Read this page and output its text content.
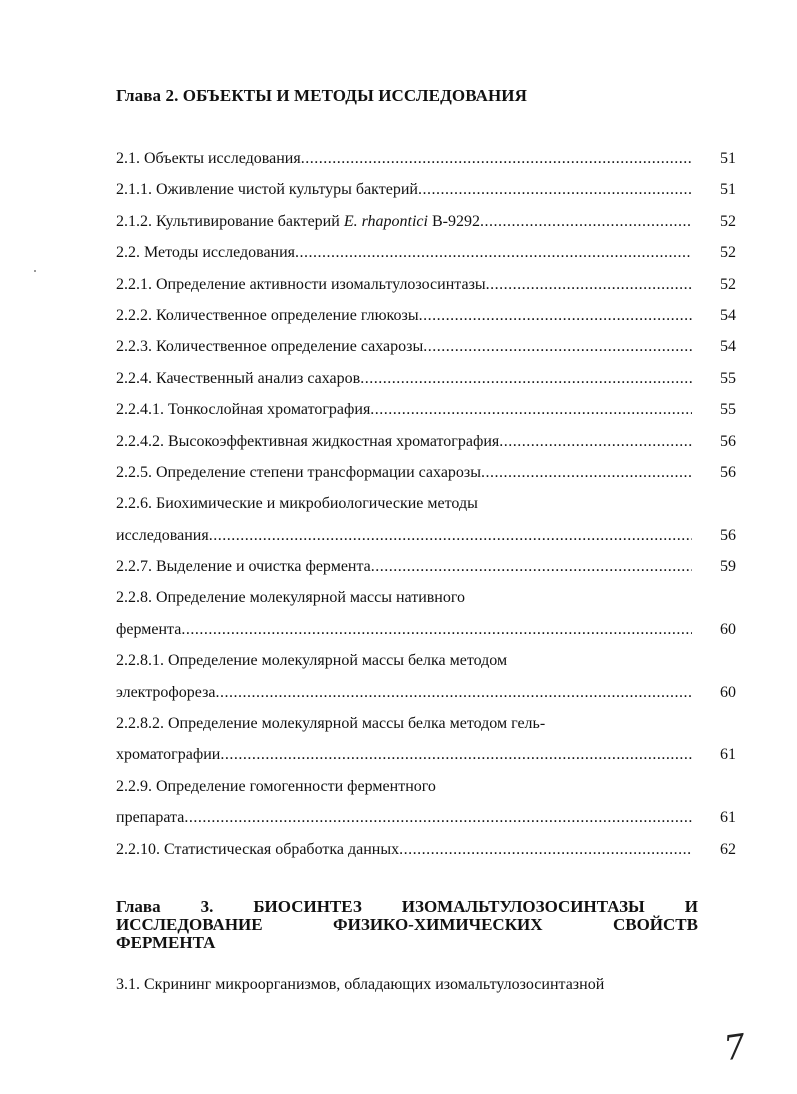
Глава 2. ОБЪЕКТЫ И МЕТОДЫ ИССЛЕДОВАНИЯ
2.1. Объекты исследования .....	51
2.1.1. Оживление чистой культуры бактерий .....	51
2.1.2. Культивирование бактерий E. rhapontici В-9292 .....	52
2.2. Методы исследования .....	52
2.2.1. Определение активности изомальтулозосинтазы .....	52
2.2.2. Количественное определение глюкозы .....	54
2.2.3. Количественное определение сахарозы .....	54
2.2.4. Качественный анализ сахаров .....	55
2.2.4.1. Тонкослойная хроматография .....	55
2.2.4.2. Высокоэффективная жидкостная хроматография .....	56
2.2.5. Определение степени трансформации сахарозы .....	56
2.2.6. Биохимические и микробиологические методы
исследования .....	56
2.2.7. Выделение и очистка фермента .....	59
2.2.8. Определение молекулярной массы нативного
фермента .....	60
2.2.8.1. Определение молекулярной массы белка методом
электрофореза .....	60
2.2.8.2. Определение молекулярной массы белка методом гель-
хроматографии .....	61
2.2.9. Определение гомогенности ферментного
препарата .....	61
2.2.10. Статистическая обработка данных .....	62
Глава 3. БИОСИНТЕЗ ИЗОМАЛЬТУЛОЗОСИНТАЗЫ И
ИССЛЕДОВАНИЕ	ФИЗИКО-ХИМИЧЕСКИХ	СВОЙСТВ
ФЕРМЕНТА
3.1. Скрининг микроорганизмов, обладающих изомальтулозосинтазной
7
